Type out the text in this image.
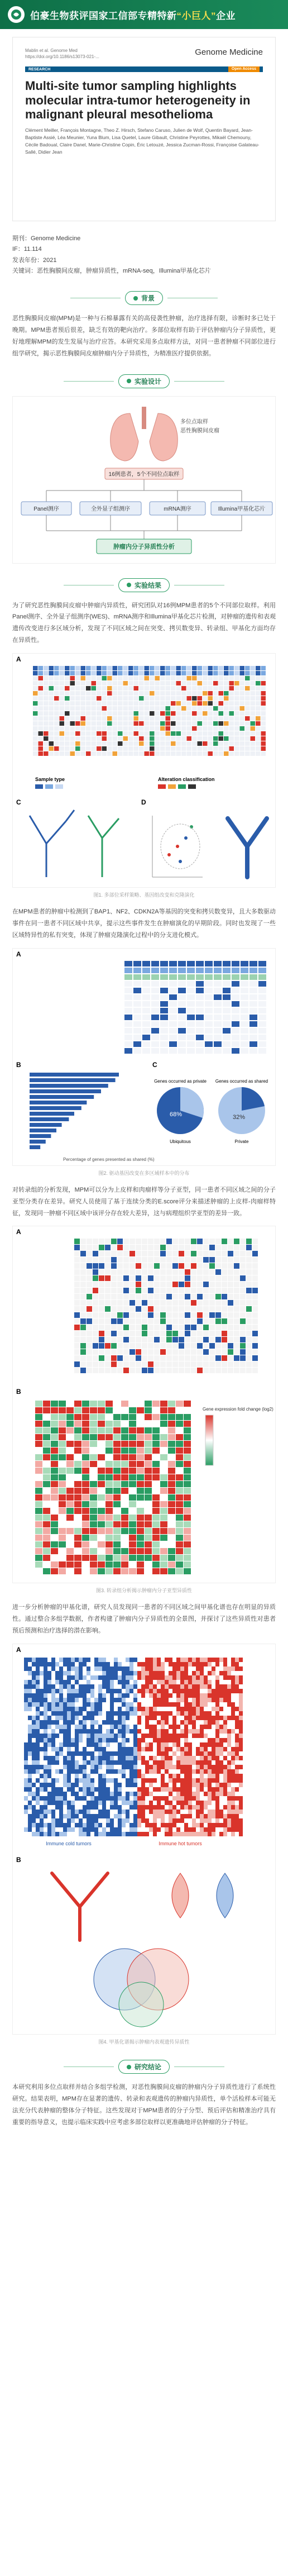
伯豪生物获评国家工信部专精特新“小巨人”企业
Mablin et al. Genome Med
https://doi.org/10.1186/s13073-021-...	Genome Medicine
RESEARCH	Open Access
Multi-site tumor sampling highlights molecular intra-tumor heterogeneity in malignant pleural mesothelioma
Clément Meiller, François Montagne, Theo Z. Hirsch, Stefano Caruso, Julien de Wolf, Quentin Bayard, Jean-Baptiste Assié, Léa Meunier, Yuna Blum, Lisa Quetel, Laure Gibault, Christine Peyrottes, Mikaël Chemouny, Cécile Badoual, Claire Danel, Marie-Christine Copin, Éric Letouzé, Jessica Zucman-Rossi, Françoise Galateau-Sallé, Didier Jean
期刊：Genome Medicine
IF：11.114
发表年份：2021
关键词：恶性胸膜间皮瘤，肿瘤异质性，mRNA-seq，Illumina甲基化芯片
背景
恶性胸膜间皮瘤(MPM)是一种与石棉暴露有关的高侵袭性肿瘤，治疗选择有限，诊断时多已处于晚期。MPM患者预后很差，缺乏有效的靶向治疗。多部位取样有助于评估肿瘤内分子异质性，更好地理解MPM的发生发展与治疗应答。本研究采用多点取样方法，对同一患者肿瘤不同部位进行组学研究，揭示恶性胸膜间皮瘤肿瘤内分子异质性，为精准医疗提供依据。
实验设计
多位点取样
恶性胸膜间皮瘤
16例患者，5个不同位点取样
Panel测序	全外显子组测序	mRNA测序	Illumina甲基化芯片
肿瘤内分子异质性分析
实验结果
为了研究恶性胸膜间皮瘤中肿瘤内异质性，研究团队对16例MPM患者的5个不同部位取样。利用Panel测序、全外显子组测序(WES)、mRNA测序和Illumina甲基化芯片检测，对肿瘤的遗传和表观遗传改变进行多区域分析，发现了不同区域之间在突变、拷贝数变异、转录组、甲基化方面均存在异质性。
A
Sample type	Alteration classification
C	D
图1. 多部位采样策略、基因组改变和克隆演化
在MPM患者的肿瘤中检测到了BAP1、NF2、CDKN2A等基因的突变和拷贝数变异，且大多数驱动事件在同一患者不同区域中共享，提示这些事件发生在肿瘤演化的早期阶段。同时也发现了一些区域特异性的私有突变，体现了肿瘤克隆演化过程中的分支进化模式。
A
B
Percentage of genes presented as shared (%)
C
Genes occurred as private
68%
Ubiquitous
Genes occurred as shared
32%
Private
图2. 驱动基因改变在多区域样本中的分布
对转录组的分析发现，MPM可以分为上皮样和肉瘤样等分子亚型，同一患者不同区域之间的分子亚型分类存在差异。研究人员使用了基于连续分类的E.score评分来描述肿瘤的上皮样-肉瘤样特征，发现同一肿瘤不同区域中该评分存在较大差异，这与病理组织学亚型的差异一致。
A
B
Gene expression fold change (log2)
图3. 转录组分析揭示肿瘤内分子亚型异质性
进一步分析肿瘤的甲基化谱，研究人员发现同一患者的不同区域之间甲基化谱也存在明显的异质性。通过整合多组学数据，作者构建了肿瘤内分子异质性的全景图，并探讨了这些异质性对患者预后预测和治疗选择的潜在影响。
A
Immune cold tumors	Immune hot tumors
B
图4. 甲基化谱揭示肿瘤内表观遗传异质性
研究结论
本研究利用多位点取样并结合多组学检测，对恶性胸膜间皮瘤的肿瘤内分子异质性进行了系统性研究。结果表明，MPM存在显著的遗传、转录和表观遗传的肿瘤内异质性，单个活检样本可能无法充分代表肿瘤的整体分子特征。这些发现对于MPM患者的分子分型、预后评估和精准治疗具有重要的指导意义，也提示临床实践中应考虑多部位取样以更准确地评估肿瘤的分子特征。
